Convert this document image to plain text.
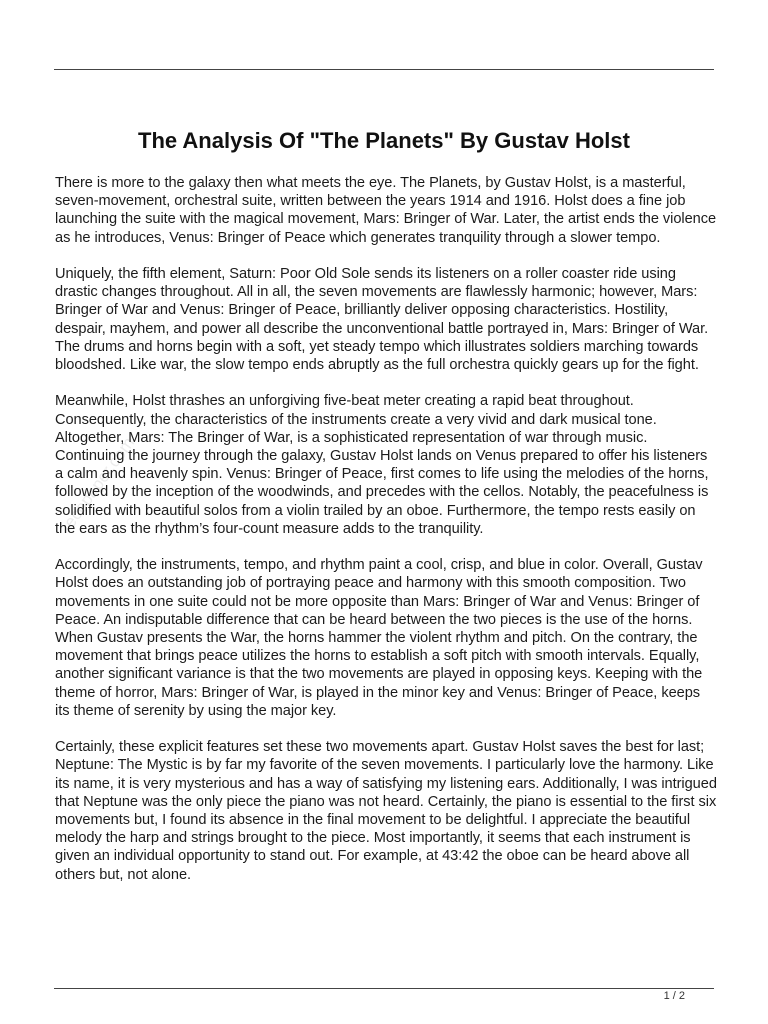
The Analysis Of "The Planets" By Gustav Holst
ecopaper.com

There is more to the galaxy then what meets the eye. The Planets, by Gustav Holst, is a masterful, seven-movement, orchestral suite, written between the years 1914 and 1916. Holst does a fine job launching the suite with the magical movement, Mars: Bringer of War. Later, the artist ends the violence as he introduces, Venus: Bringer of Peace which generates tranquility through a slower tempo.

Uniquely, the fifth element, Saturn: Poor Old Sole sends its listeners on a roller coaster ride using drastic changes throughout. All in all, the seven movements are flawlessly harmonic; however, Mars: Bringer of War and Venus: Bringer of Peace, brilliantly deliver opposing characteristics. Hostility, despair, mayhem, and power all describe the unconventional battle portrayed in, Mars: Bringer of War. The drums and horns begin with a soft, yet steady tempo which illustrates soldiers marching towards bloodshed. Like war, the slow tempo ends abruptly as the full orchestra quickly gears up for the fight.

Meanwhile, Holst thrashes an unforgiving five-beat meter creating a rapid beat throughout. Consequently, the characteristics of the instruments create a very vivid and dark musical tone. Altogether, Mars: The Bringer of War, is a sophisticated representation of war through music. Continuing the journey through the galaxy, Gustav Holst lands on Venus prepared to offer his listeners a calm and heavenly spin. Venus: Bringer of Peace, first comes to life using the melodies of the horns, followed by the inception of the woodwinds, and precedes with the cellos. Notably, the peacefulness is solidified with beautiful solos from a violin trailed by an oboe. Furthermore, the tempo rests easily on the ears as the rhythm’s four-count measure adds to the tranquility.

Accordingly, the instruments, tempo, and rhythm paint a cool, crisp, and blue in color. Overall, Gustav Holst does an outstanding job of portraying peace and harmony with this smooth composition. Two movements in one suite could not be more opposite than Mars: Bringer of War and Venus: Bringer of Peace. An indisputable difference that can be heard between the two pieces is the use of the horns. When Gustav presents the War, the horns hammer the violent rhythm and pitch. On the contrary, the movement that brings peace utilizes the horns to establish a soft pitch with smooth intervals. Equally, another significant variance is that the two movements are played in opposing keys. Keeping with the theme of horror, Mars: Bringer of War, is played in the minor key and Venus: Bringer of Peace, keeps its theme of serenity by using the major key.

Certainly, these explicit features set these two movements apart. Gustav Holst saves the best for last; Neptune: The Mystic is by far my favorite of the seven movements. I particularly love the harmony. Like its name, it is very mysterious and has a way of satisfying my listening ears. Additionally, I was intrigued that Neptune was the only piece the piano was not heard. Certainly, the piano is essential to the first six movements but, I found its absence in the final movement to be delightful. I appreciate the beautiful melody the harp and strings brought to the piece. Most importantly, it seems that each instrument is given an individual opportunity to stand out. For example, at 43:42 the oboe can be heard above all others but, not alone.

1 / 2
